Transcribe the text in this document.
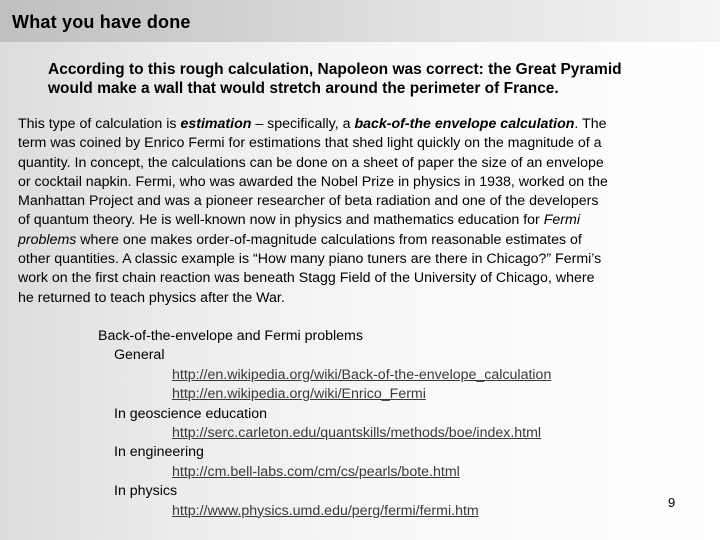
What you have done
According to this rough calculation, Napoleon was correct: the Great Pyramid
would make a wall that would stretch around the perimeter of France.
This type of calculation is estimation – specifically, a back-of-the envelope calculation. The
term was coined by Enrico Fermi for estimations that shed light quickly on the magnitude of a
quantity. In concept, the calculations can be done on a sheet of paper the size of an envelope
or cocktail napkin. Fermi, who was awarded the Nobel Prize in physics in 1938, worked on the
Manhattan Project and was a pioneer researcher of beta radiation and one of the developers
of quantum theory. He is well-known now in physics and mathematics education for Fermi
problems where one makes order-of-magnitude calculations from reasonable estimates of
other quantities. A classic example is “How many piano tuners are there in Chicago?” Fermi’s
work on the first chain reaction was beneath Stagg Field of the University of Chicago, where
he returned to teach physics after the War.
Back-of-the-envelope and Fermi problems
General
http://en.wikipedia.org/wiki/Back-of-the-envelope_calculation
http://en.wikipedia.org/wiki/Enrico_Fermi
In geoscience education
http://serc.carleton.edu/quantskills/methods/boe/index.html
In engineering
http://cm.bell-labs.com/cm/cs/pearls/bote.html
In physics
http://www.physics.umd.edu/perg/fermi/fermi.htm
9
